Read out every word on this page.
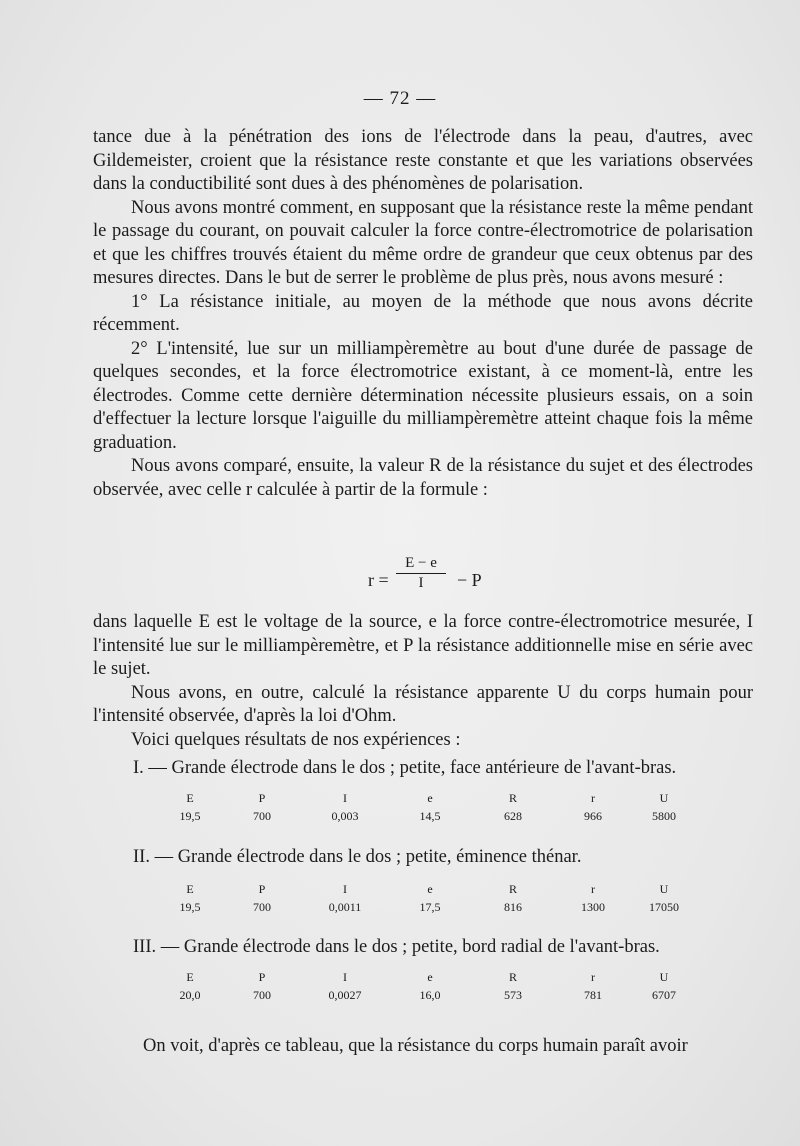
— 72 —

tance due à la pénétration des ions de l'électrode dans la peau, d'autres, avec Gildemeister, croient que la résistance reste constante et que les variations observées dans la conductibilité sont dues à des phénomènes de polarisation.

Nous avons montré comment, en supposant que la résistance reste la même pendant le passage du courant, on pouvait calculer la force contre-électromotrice de polarisation et que les chiffres trouvés étaient du même ordre de grandeur que ceux obtenus par des mesures directes. Dans le but de serrer le problème de plus près, nous avons mesuré :

1° La résistance initiale, au moyen de la méthode que nous avons décrite récemment.

2° L'intensité, lue sur un milliampèremètre au bout d'une durée de passage de quelques secondes, et la force électromotrice existant, à ce moment-là, entre les électrodes. Comme cette dernière détermination nécessite plusieurs essais, on a soin d'effectuer la lecture lorsque l'aiguille du milliampèremètre atteint chaque fois la même graduation.

Nous avons comparé, ensuite, la valeur R de la résistance du sujet et des électrodes observée, avec celle r calculée à partir de la formule :

r =
E − e
I	− P

dans laquelle E est le voltage de la source, e la force contre-électromotrice mesurée, I l'intensité lue sur le milliampèremètre, et P la résistance additionnelle mise en série avec le sujet.

Nous avons, en outre, calculé la résistance apparente U du corps humain pour l'intensité observée, d'après la loi d'Ohm.

Voici quelques résultats de nos expériences :

I. — Grande électrode dans le dos ; petite, face antérieure de l'avant-bras.
E	P	I	e	R	r	U
19,5	700	0,003	14,5	628	966	5800
II. — Grande électrode dans le dos ; petite, éminence thénar.
E	P	I	e	R	r	U
19,5	700	0,0011	17,5	816	1300	17050
III. — Grande électrode dans le dos ; petite, bord radial de l'avant-bras.
E	P	I	e	R	r	U
20,0	700	0,0027	16,0	573	781	6707
On voit, d'après ce tableau, que la résistance du corps humain paraît avoir
